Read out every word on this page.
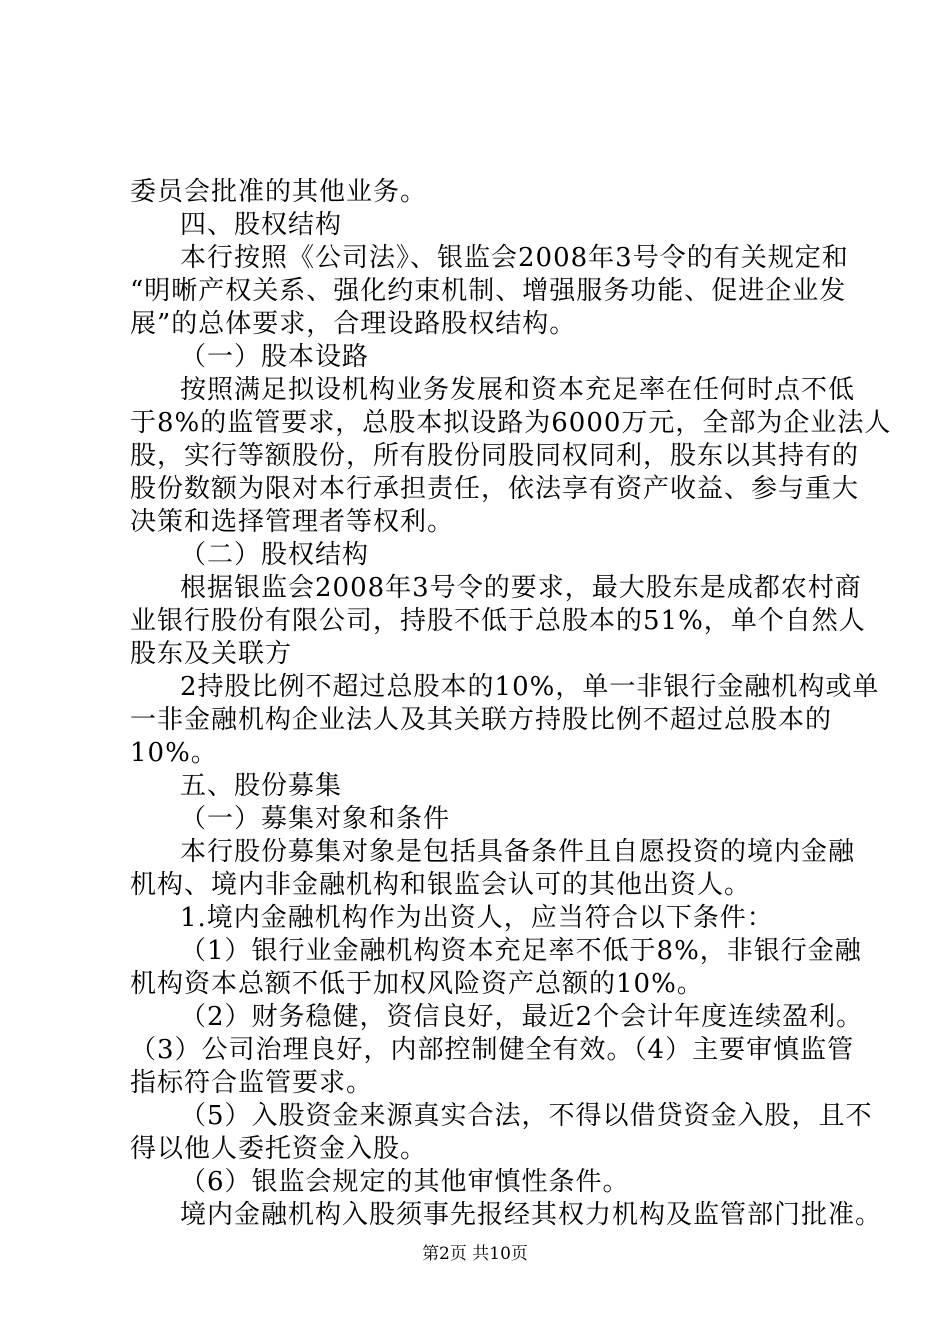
委员会批准的其他业务。
四、股权结构
本行按照《公司法》、银监会2008年3号令的有关规定和
“明晰产权关系、强化约束机制、增强服务功能、促进企业发
展”的总体要求，合理设路股权结构。
（一）股本设路
按照满足拟设机构业务发展和资本充足率在任何时点不低
于8%的监管要求，总股本拟设路为6000万元，全部为企业法人
股，实行等额股份，所有股份同股同权同利，股东以其持有的
股份数额为限对本行承担责任，依法享有资产收益、参与重大
决策和选择管理者等权利。
（二）股权结构
根据银监会2008年3号令的要求，最大股东是成都农村商
业银行股份有限公司，持股不低于总股本的51%，单个自然人
股东及关联方
2持股比例不超过总股本的10%，单一非银行金融机构或单
一非金融机构企业法人及其关联方持股比例不超过总股本的
10%。
五、股份募集
（一）募集对象和条件
本行股份募集对象是包括具备条件且自愿投资的境内金融
机构、境内非金融机构和银监会认可的其他出资人。
1.境内金融机构作为出资人，应当符合以下条件：
（1）银行业金融机构资本充足率不低于8%，非银行金融
机构资本总额不低于加权风险资产总额的10%。
（2）财务稳健，资信良好，最近2个会计年度连续盈利。
（3）公司治理良好，内部控制健全有效。（4）主要审慎监管
指标符合监管要求。
（5）入股资金来源真实合法，不得以借贷资金入股，且不
得以他人委托资金入股。
（6）银监会规定的其他审慎性条件。
境内金融机构入股须事先报经其权力机构及监管部门批准。
第2页 共10页
